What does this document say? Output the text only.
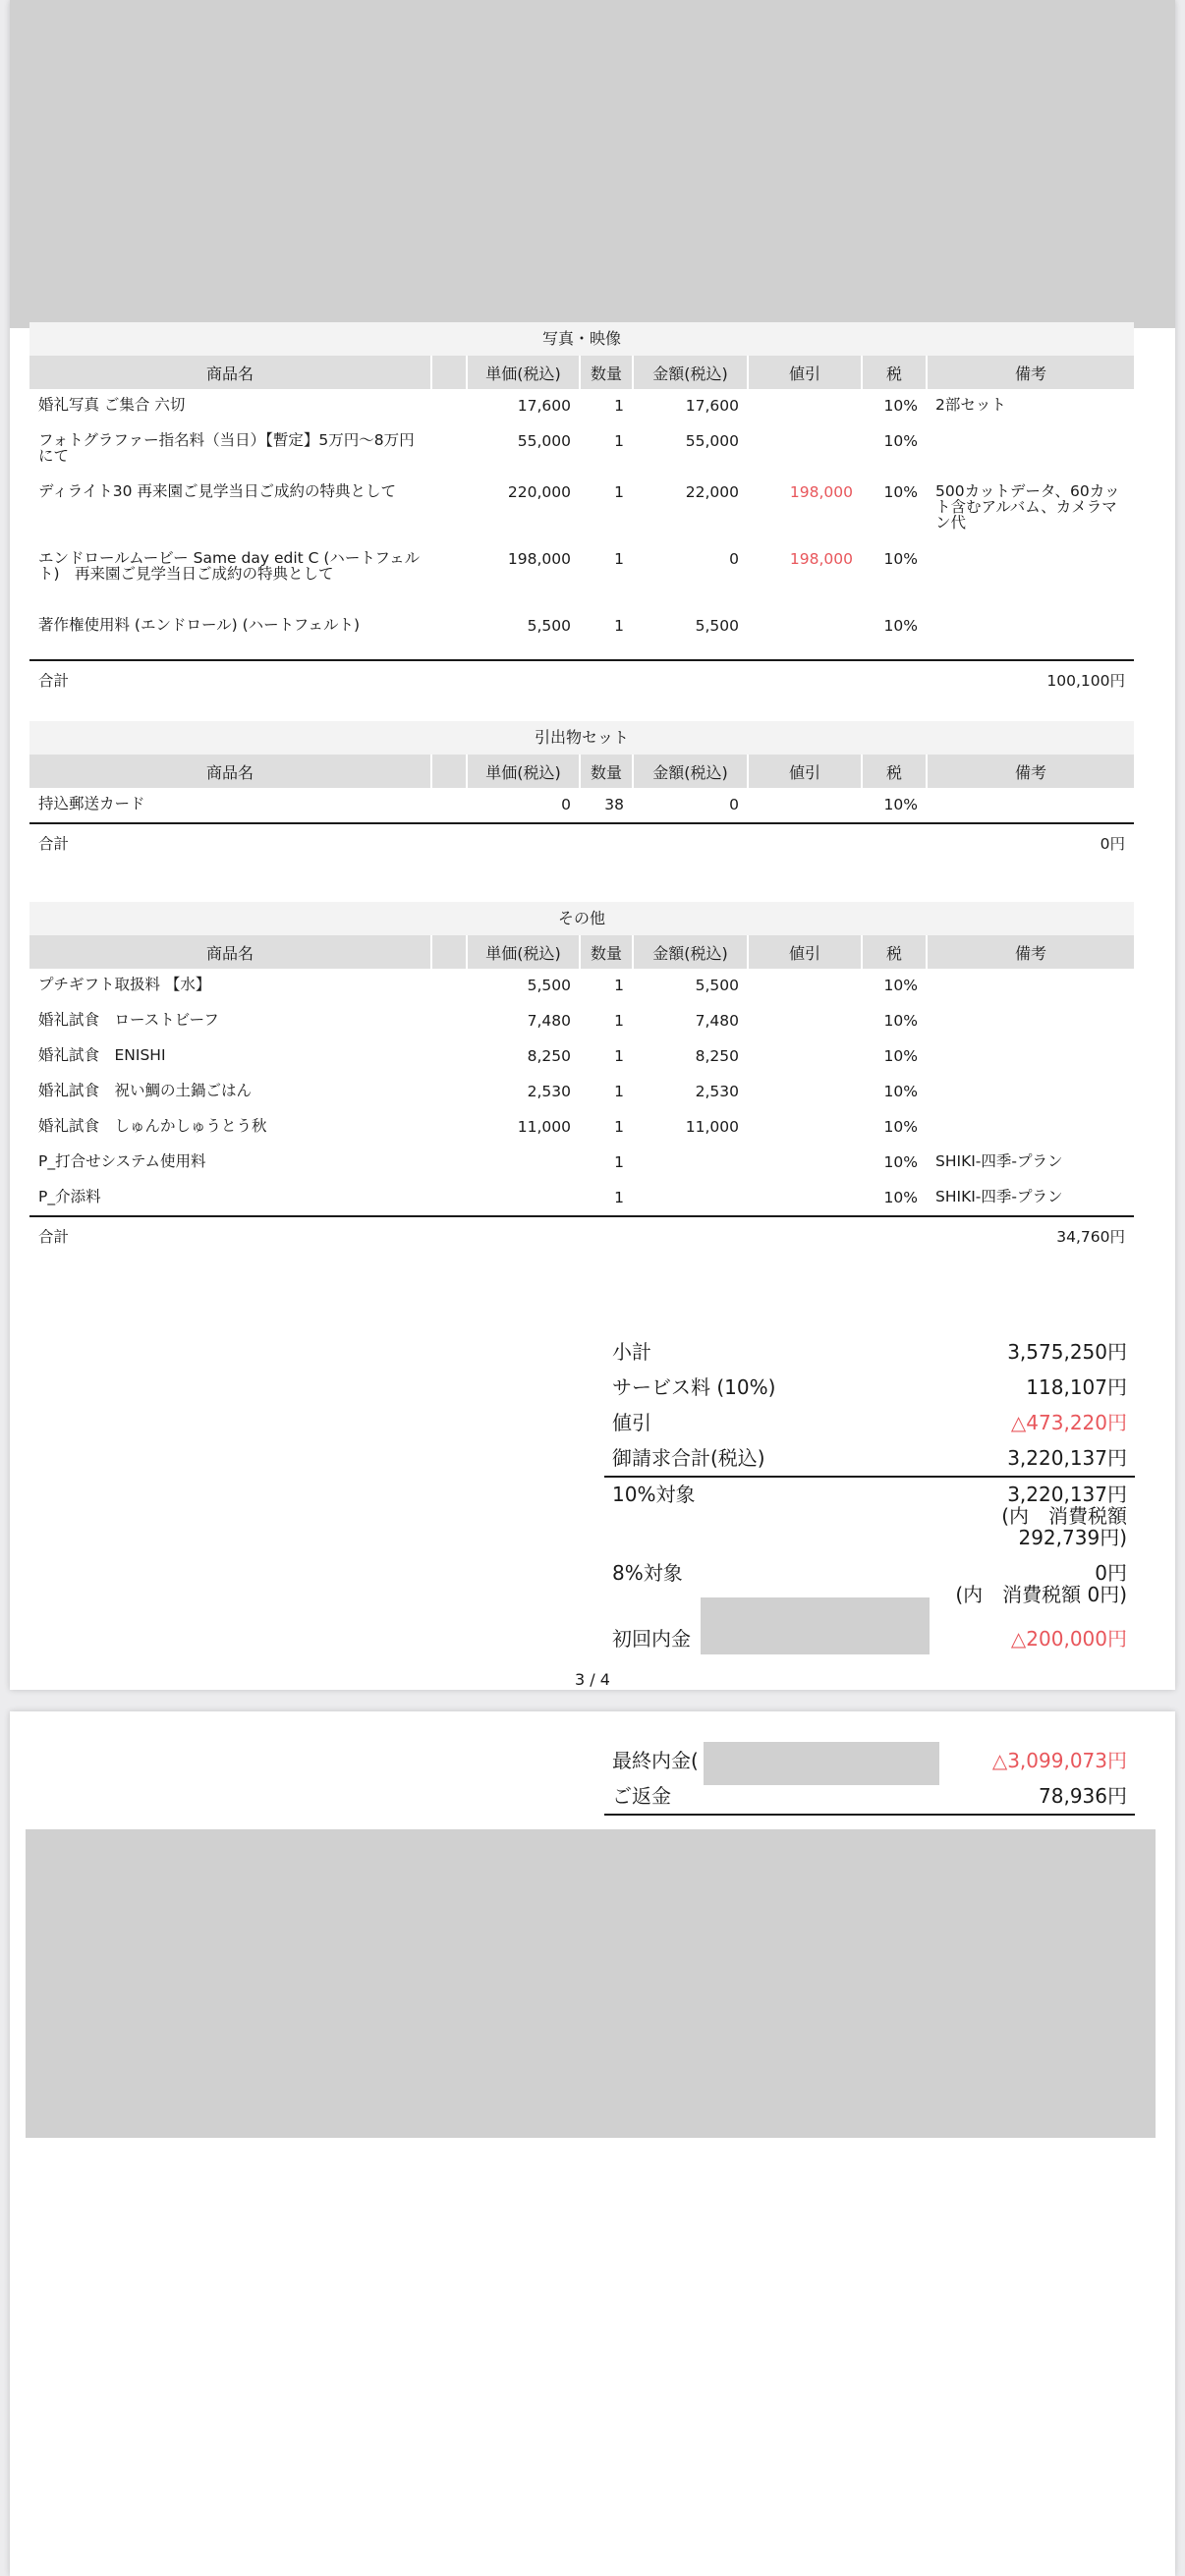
写真・映像
商品名		単価(税込)	数量	金額(税込)	値引	税	備考
婚礼写真 ご集合 六切		17,600	1	17,600		10%	2部セット
フォトグラファー指名料（当日）【暫定】5万円〜8万円にて		55,000	1	55,000		10%	
ディライト30 再来園ご見学当日ご成約の特典として		220,000	1	22,000	198,000	10%	500カットデータ、60カット含むアルバム、カメラマン代
エンドロールムービー Same day edit C (ハートフェルト)　再来園ご見学当日ご成約の特典として		198,000	1	0	198,000	10%	
著作権使用料 (エンドロール) (ハートフェルト)		5,500	1	5,500		10%	
合計	100,100円						
引出物セット
商品名		単価(税込)	数量	金額(税込)	値引	税	備考
持込郵送カード		0	38	0		10%	
合計	0円						
その他
商品名		単価(税込)	数量	金額(税込)	値引	税	備考
プチギフト取扱料 【水】		5,500	1	5,500		10%	
婚礼試食　ローストビーフ		7,480	1	7,480		10%	
婚礼試食　ENISHI		8,250	1	8,250		10%	
婚礼試食　祝い鯛の土鍋ごはん		2,530	1	2,530		10%	
婚礼試食　しゅんかしゅうとう秋		11,000	1	11,000		10%	
P_打合せシステム使用料			1			10%	SHIKI-四季-プラン
P_介添料			1			10%	SHIKI-四季-プラン
合計	34,760円						
小計	3,575,250円
サービス料 (10%)	118,107円
値引	△473,220円
御請求合計(税込)	3,220,137円
10%対象	3,220,137円
(内　消費税額
292,739円)
8%対象	0円
(内　消費税額 0円)
初回内金	△200,000円
3 / 4
最終内金(	△3,099,073円
ご返金	78,936円
